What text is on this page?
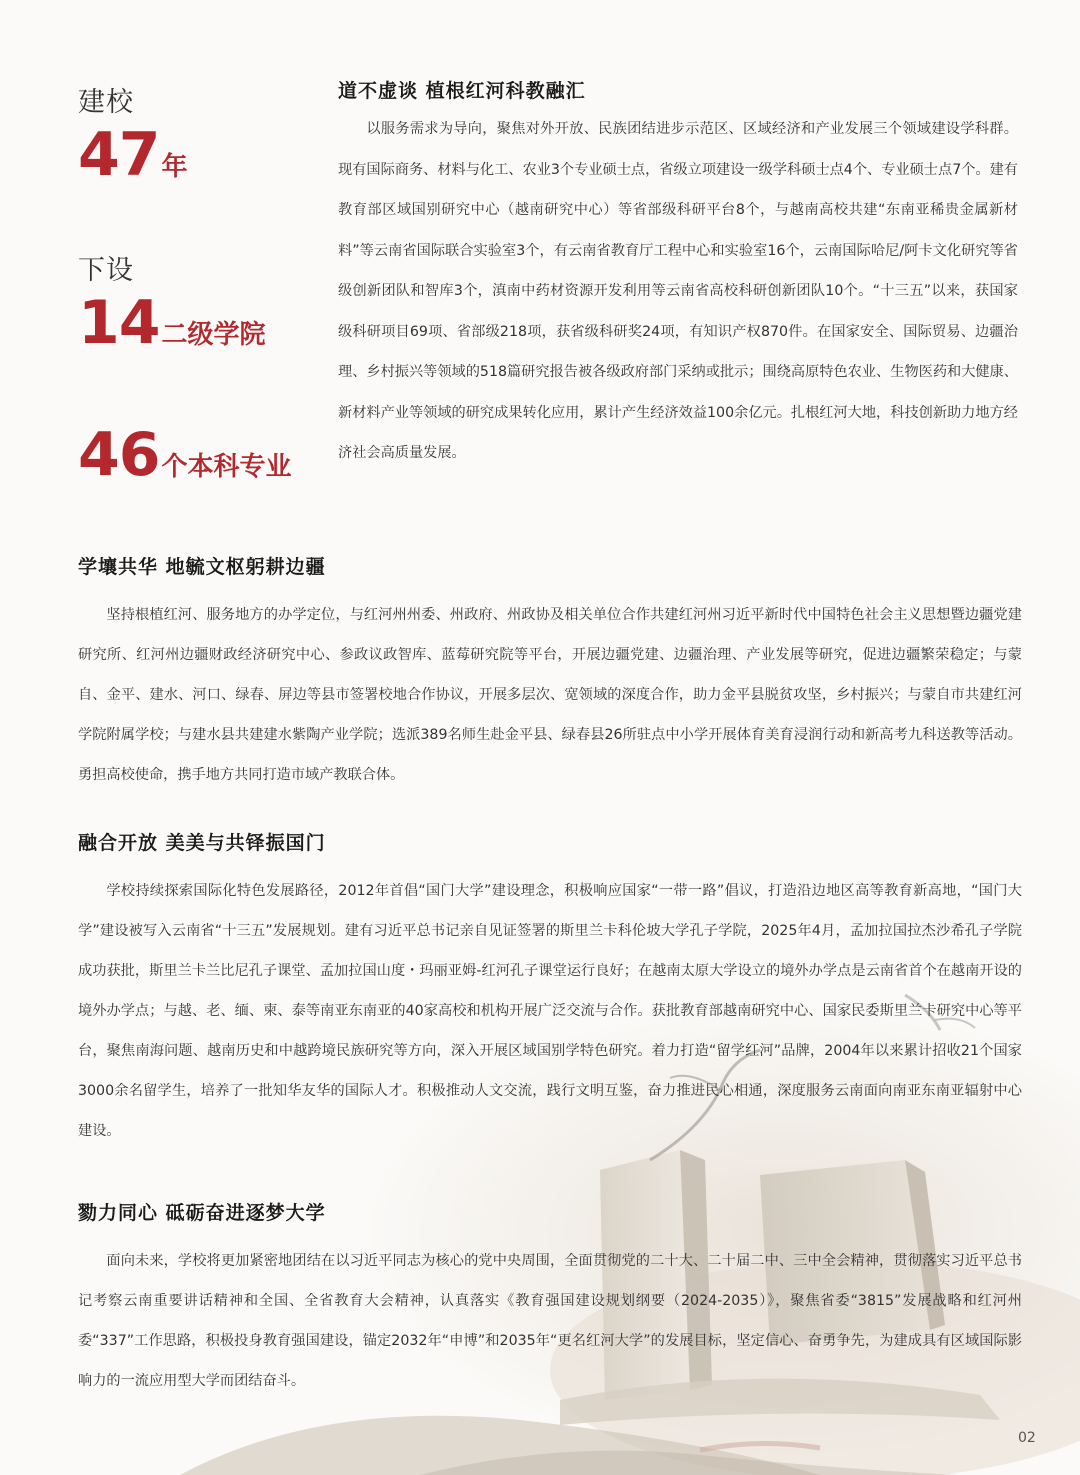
建校
47 年
下设
14 二级学院
46 个本科专业
道不虚谈 植根红河科教融汇

以服务需求为导向，聚焦对外开放、民族团结进步示范区、区域经济和产业发展三个领域建设学科群。现有国际商务、材料与化工、农业3个专业硕士点，省级立项建设一级学科硕士点4个、专业硕士点7个。建有教育部区域国别研究中心（越南研究中心）等省部级科研平台8个，与越南高校共建“东南亚稀贵金属新材料”等云南省国际联合实验室3个，有云南省教育厅工程中心和实验室16个，云南国际哈尼/阿卡文化研究等省级创新团队和智库3个，滇南中药材资源开发利用等云南省高校科研创新团队10个。“十三五”以来，获国家级科研项目69项、省部级218项，获省级科研奖24项，有知识产权870件。在国家安全、国际贸易、边疆治理、乡村振兴等领域的518篇研究报告被各级政府部门采纳或批示；围绕高原特色农业、生物医药和大健康、新材料产业等领域的研究成果转化应用，累计产生经济效益100余亿元。扎根红河大地，科技创新助力地方经济社会高质量发展。

学壤共华 地毓文枢躬耕边疆

坚持根植红河、服务地方的办学定位，与红河州州委、州政府、州政协及相关单位合作共建红河州习近平新时代中国特色社会主义思想暨边疆党建研究所、红河州边疆财政经济研究中心、参政议政智库、蓝莓研究院等平台，开展边疆党建、边疆治理、产业发展等研究，促进边疆繁荣稳定；与蒙自、金平、建水、河口、绿春、屏边等县市签署校地合作协议，开展多层次、宽领域的深度合作，助力金平县脱贫攻坚，乡村振兴；与蒙自市共建红河学院附属学校；与建水县共建建水紫陶产业学院；选派389名师生赴金平县、绿春县26所驻点中小学开展体育美育浸润行动和新高考九科送教等活动。勇担高校使命，携手地方共同打造市域产教联合体。

融合开放 美美与共铎振国门

学校持续探索国际化特色发展路径，2012年首倡“国门大学”建设理念，积极响应国家“一带一路”倡议，打造沿边地区高等教育新高地，“国门大学”建设被写入云南省“十三五”发展规划。建有习近平总书记亲自见证签署的斯里兰卡科伦坡大学孔子学院，2025年4月，孟加拉国拉杰沙希孔子学院成功获批，斯里兰卡兰比尼孔子课堂、孟加拉国山度・玛丽亚姆-红河孔子课堂运行良好；在越南太原大学设立的境外办学点是云南省首个在越南开设的境外办学点；与越、老、缅、柬、泰等南亚东南亚的40家高校和机构开展广泛交流与合作。获批教育部越南研究中心、国家民委斯里兰卡研究中心等平台，聚焦南海问题、越南历史和中越跨境民族研究等方向，深入开展区域国别学特色研究。着力打造“留学红河”品牌，2004年以来累计招收21个国家3000余名留学生，培养了一批知华友华的国际人才。积极推动人文交流，践行文明互鉴，奋力推进民心相通，深度服务云南面向南亚东南亚辐射中心建设。

勠力同心 砥砺奋进逐梦大学

面向未来，学校将更加紧密地团结在以习近平同志为核心的党中央周围，全面贯彻党的二十大、二十届二中、三中全会精神，贯彻落实习近平总书记考察云南重要讲话精神和全国、全省教育大会精神，认真落实《教育强国建设规划纲要（2024-2035）》，聚焦省委“3815”发展战略和红河州委“337”工作思路，积极投身教育强国建设，锚定2032年“申博”和2035年“更名红河大学”的发展目标，坚定信心、奋勇争先，为建成具有区域国际影响力的一流应用型大学而团结奋斗。

02
